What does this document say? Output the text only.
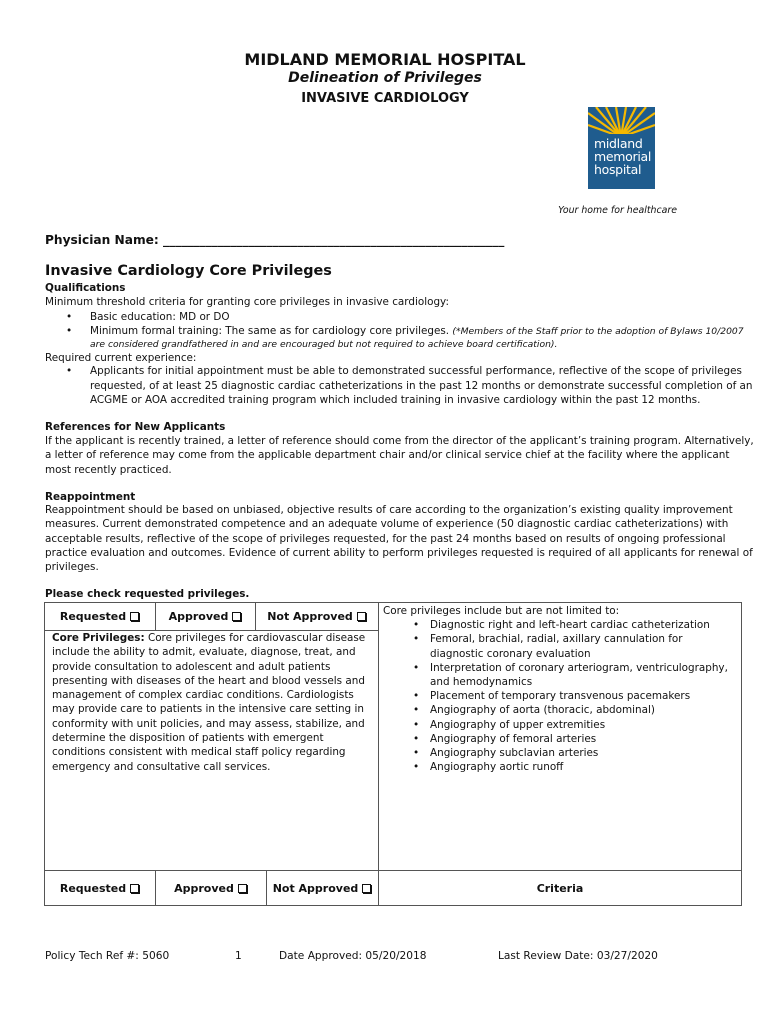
MIDLAND MEMORIAL HOSPITAL
Delineation of Privileges
INVASIVE CARDIOLOGY
midland
memorial
hospital
Your home for healthcare
Physician Name: ________________________________________________________
Invasive Cardiology Core Privileges
Qualifications
Minimum threshold criteria for granting core privileges in invasive cardiology:
• Basic education: MD or DO
• Minimum formal training: The same as for cardiology core privileges. (*Members of the Staff prior to the adoption of Bylaws 10/2007
are considered grandfathered in and are encouraged but not required to achieve board certification).
Required current experience:
• Applicants for initial appointment must be able to demonstrated successful performance, reflective of the scope of privileges
requested, of at least 25 diagnostic cardiac catheterizations in the past 12 months or demonstrate successful completion of an
ACGME or AOA accredited training program which included training in invasive cardiology within the past 12 months.
References for New Applicants
If the applicant is recently trained, a letter of reference should come from the director of the applicant’s training program. Alternatively,
a letter of reference may come from the applicable department chair and/or clinical service chief at the facility where the applicant
most recently practiced.
Reappointment
Reappointment should be based on unbiased, objective results of care according to the organization’s existing quality improvement
measures. Current demonstrated competence and an adequate volume of experience (50 diagnostic cardiac catheterizations) with
acceptable results, reflective of the scope of privileges requested, for the past 24 months based on results of ongoing professional
practice evaluation and outcomes. Evidence of current ability to perform privileges requested is required of all applicants for renewal of
privileges.
Please check requested privileges.
Requested	Approved	Not Approved
Core Privileges: Core privileges for cardiovascular disease include the ability to admit, evaluate, diagnose, treat, and provide consultation to adolescent and adult patients presenting with diseases of the heart and blood vessels and management of complex cardiac conditions. Cardiologists may provide care to patients in the intensive care setting in conformity with unit policies, and may assess, stabilize, and determine the disposition of patients with emergent conditions consistent with medical staff policy regarding emergency and consultative call services.
Core privileges include but are not limited to:
• Diagnostic right and left-heart cardiac catheterization
• Femoral, brachial, radial, axillary cannulation for diagnostic coronary evaluation
• Interpretation of coronary arteriogram, ventriculography, and hemodynamics
• Placement of temporary transvenous pacemakers
• Angiography of aorta (thoracic, abdominal)
• Angiography of upper extremities
• Angiography of femoral arteries
• Angiography subclavian arteries
• Angiography aortic runoff
Requested	Approved	Not Approved	Criteria
Policy Tech Ref #: 5060	1	Date Approved: 05/20/2018	Last Review Date: 03/27/2020
